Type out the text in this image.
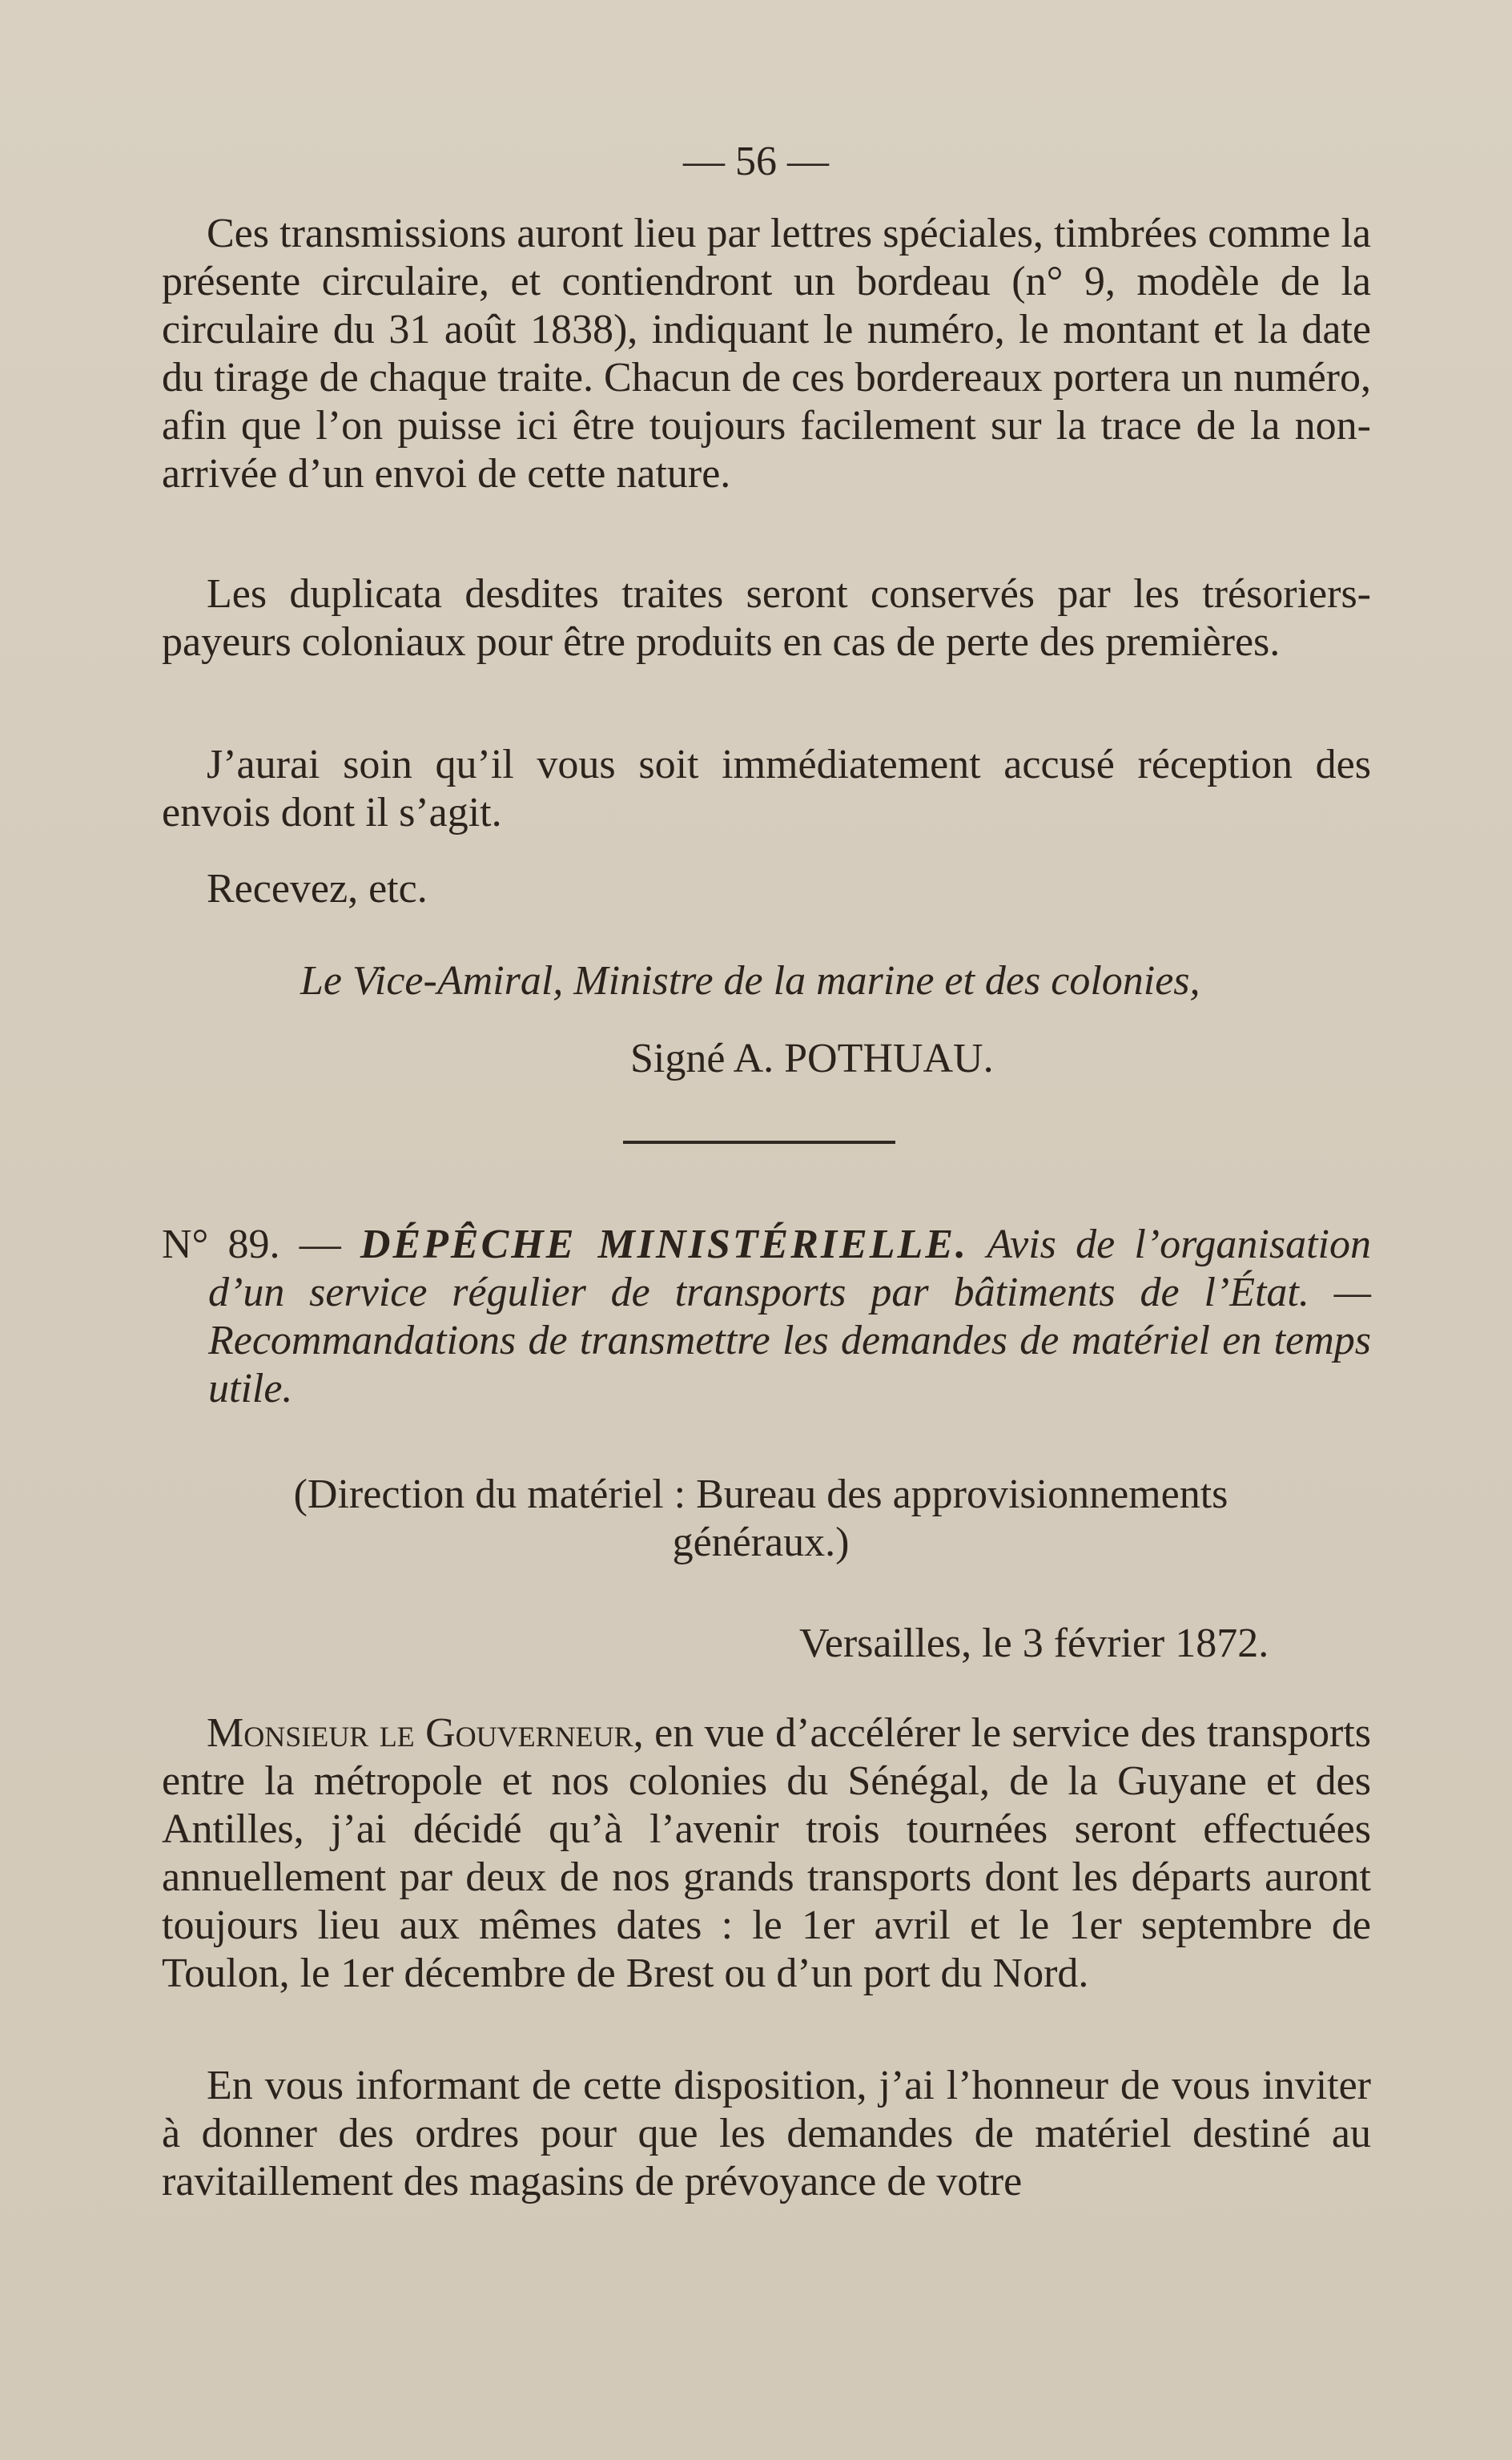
— 56 —

Ces transmissions auront lieu par lettres spéciales, timbrées comme la présente circulaire, et contiendront un bordeau (n° 9, modèle de la circulaire du 31 août 1838), indiquant le numéro, le montant et la date du tirage de chaque traite. Chacun de ces bordereaux portera un numéro, afin que l’on puisse ici être toujours facilement sur la trace de la non-arrivée d’un envoi de cette nature.

Les duplicata desdites traites seront conservés par les trésoriers-payeurs coloniaux pour être produits en cas de perte des premières.

J’aurai soin qu’il vous soit immédiatement accusé réception des envois dont il s’agit.

Recevez, etc.

Le Vice-Amiral, Ministre de la marine et des colonies,
Signé A. POTHUAU.

N° 89. — DÉPÊCHE MINISTÉRIELLE. Avis de l’organisation d’un service régulier de transports par bâtiments de l’État. — Recommandations de transmettre les demandes de matériel en temps utile.

(Direction du matériel : Bureau des approvisionnements généraux.)
Versailles, le 3 février 1872.

Monsieur le Gouverneur, en vue d’accélérer le service des transports entre la métropole et nos colonies du Sénégal, de la Guyane et des Antilles, j’ai décidé qu’à l’avenir trois tournées seront effectuées annuellement par deux de nos grands transports dont les départs auront toujours lieu aux mêmes dates : le 1er avril et le 1er septembre de Toulon, le 1er décembre de Brest ou d’un port du Nord.

En vous informant de cette disposition, j’ai l’honneur de vous inviter à donner des ordres pour que les demandes de matériel destiné au ravitaillement des magasins de prévoyance de votre
